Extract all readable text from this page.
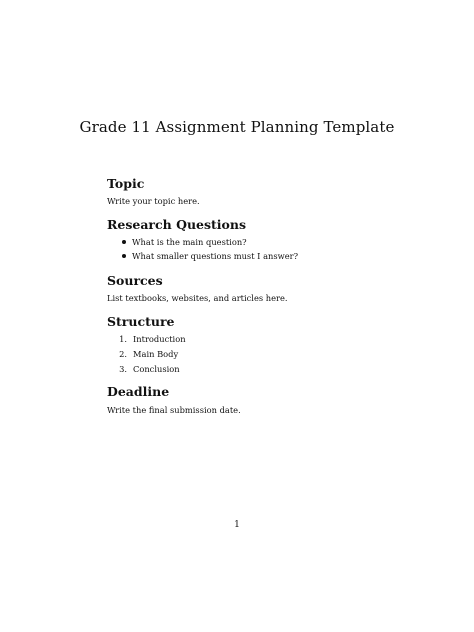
Grade 11 Assignment Planning Template
Topic

Write your topic here.

Research Questions
What is the main question?
What smaller questions must I answer?
Sources

List textbooks, websites, and articles here.

Structure
1. Introduction
2. Main Body
3. Conclusion
Deadline

Write the final submission date.

1
